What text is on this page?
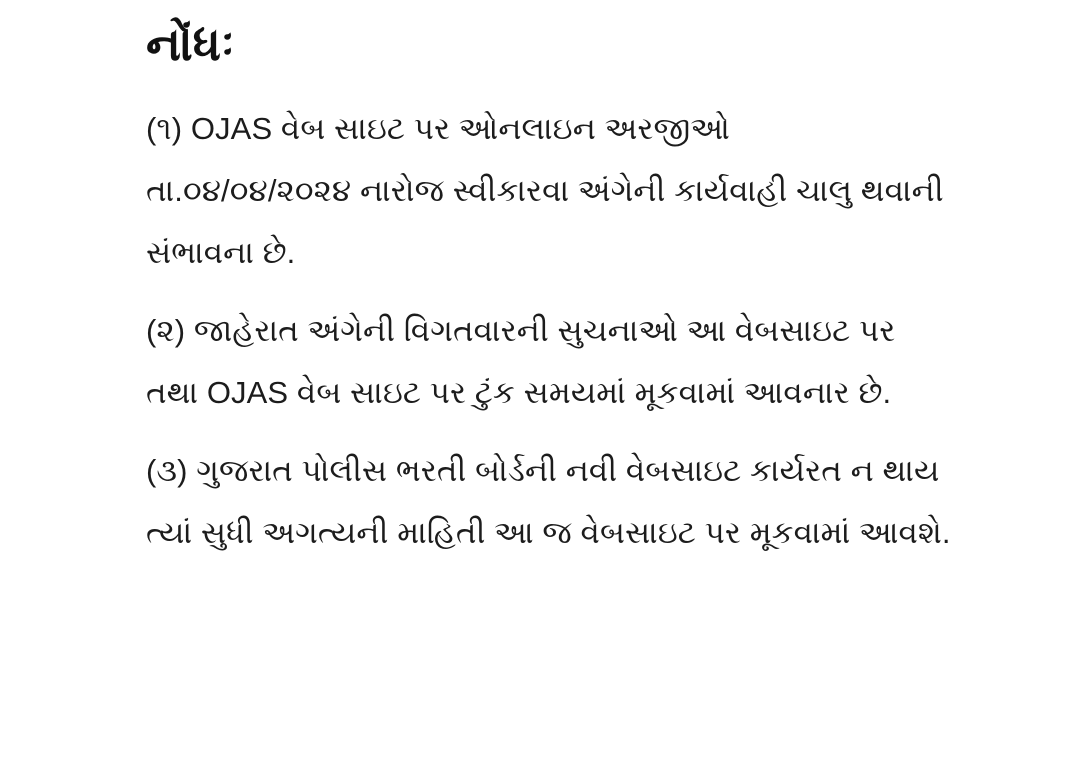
નોંધઃ
(૧) OJAS વેબ સાઇટ પર ઓનલાઇન અરજીઓ
તા.૦૪/૦૪/૨૦૨૪ નારોજ સ્વીકારવા અંગેની કાર્યવાહી ચાલુ થવાની
સંભાવના છે.
(૨) જાહેરાત અંગેની વિગતવારની સુચનાઓ આ વેબસાઇટ પર
તથા OJAS વેબ સાઇટ પર ટુંક સમયમાં મૂકવામાં આવનાર છે.
(૩) ગુજરાત પોલીસ ભરતી બોર્ડની નવી વેબસાઇટ કાર્યરત ન થાય
ત્યાં સુધી અગત્યની માહિતી આ જ વેબસાઇટ પર મૂકવામાં આવશે.
